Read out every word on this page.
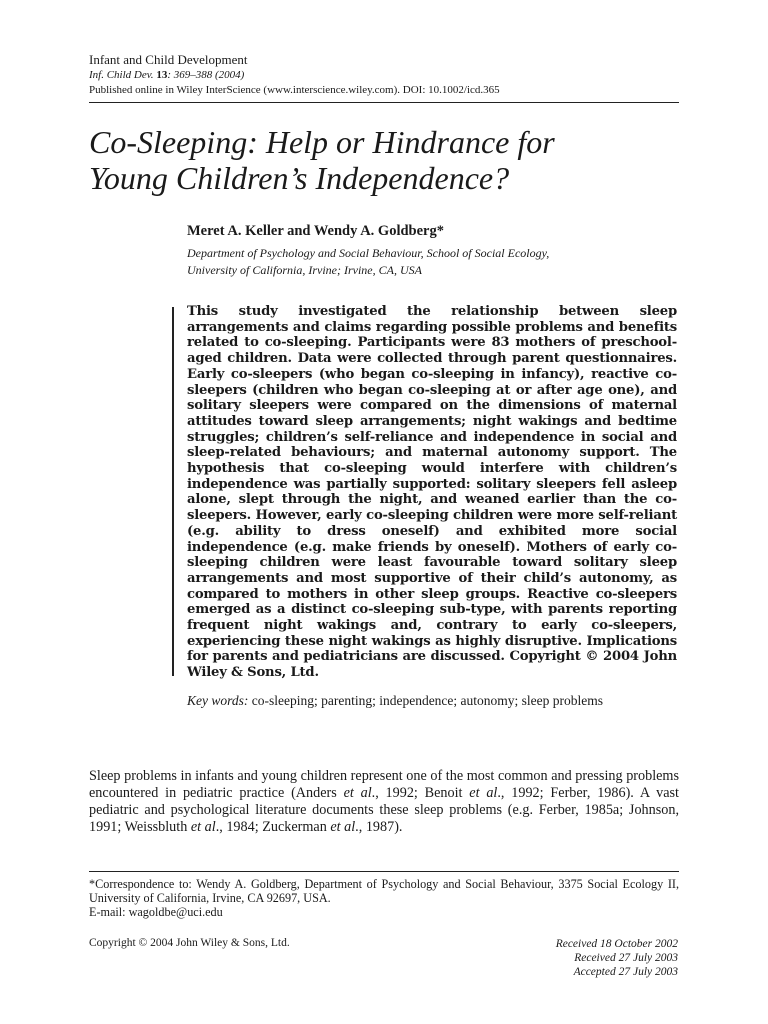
Infant and Child Development
Inf. Child Dev. 13: 369–388 (2004)
Published online in Wiley InterScience (www.interscience.wiley.com). DOI: 10.1002/icd.365
Co-Sleeping: Help or Hindrance for
Young Children’s Independence?
Meret A. Keller and Wendy A. Goldberg*
Department of Psychology and Social Behaviour, School of Social Ecology,
University of California, Irvine; Irvine, CA, USA
This study investigated the relationship between sleep arrangements and claims regarding possible problems and benefits related to co-sleeping. Participants were 83 mothers of preschool-aged children. Data were collected through parent questionnaires. Early co-sleepers (who began co-sleeping in infancy), reactive co-sleepers (children who began co-sleeping at or after age one), and solitary sleepers were compared on the dimensions of maternal attitudes toward sleep arrangements; night wakings and bedtime struggles; children’s self-reliance and independence in social and sleep-related behaviours; and maternal autonomy support. The hypothesis that co-sleeping would interfere with children’s independence was partially supported: solitary sleepers fell asleep alone, slept through the night, and weaned earlier than the co-sleepers. However, early co-sleeping children were more self-reliant (e.g. ability to dress oneself) and exhibited more social independence (e.g. make friends by oneself). Mothers of early co-sleeping children were least favourable toward solitary sleep arrangements and most supportive of their child’s autonomy, as compared to mothers in other sleep groups. Reactive co-sleepers emerged as a distinct co-sleeping sub-type, with parents reporting frequent night wakings and, contrary to early co-sleepers, experiencing these night wakings as highly disruptive. Implications for parents and pediatricians are discussed. Copyright © 2004 John Wiley & Sons, Ltd.
Key words: co-sleeping; parenting; independence; autonomy; sleep problems
Sleep problems in infants and young children represent one of the most common and pressing problems encountered in pediatric practice (Anders et al., 1992; Benoit et al., 1992; Ferber, 1986). A vast pediatric and psychological literature documents these sleep problems (e.g. Ferber, 1985a; Johnson, 1991; Weissbluth et al., 1984; Zuckerman et al., 1987).
*Correspondence to: Wendy A. Goldberg, Department of Psychology and Social Behaviour, 3375 Social Ecology II, University of California, Irvine, CA 92697, USA.
E-mail: wagoldbe@uci.edu
Copyright © 2004 John Wiley & Sons, Ltd.	Received 18 October 2002
Received 27 July 2003
Accepted 27 July 2003
